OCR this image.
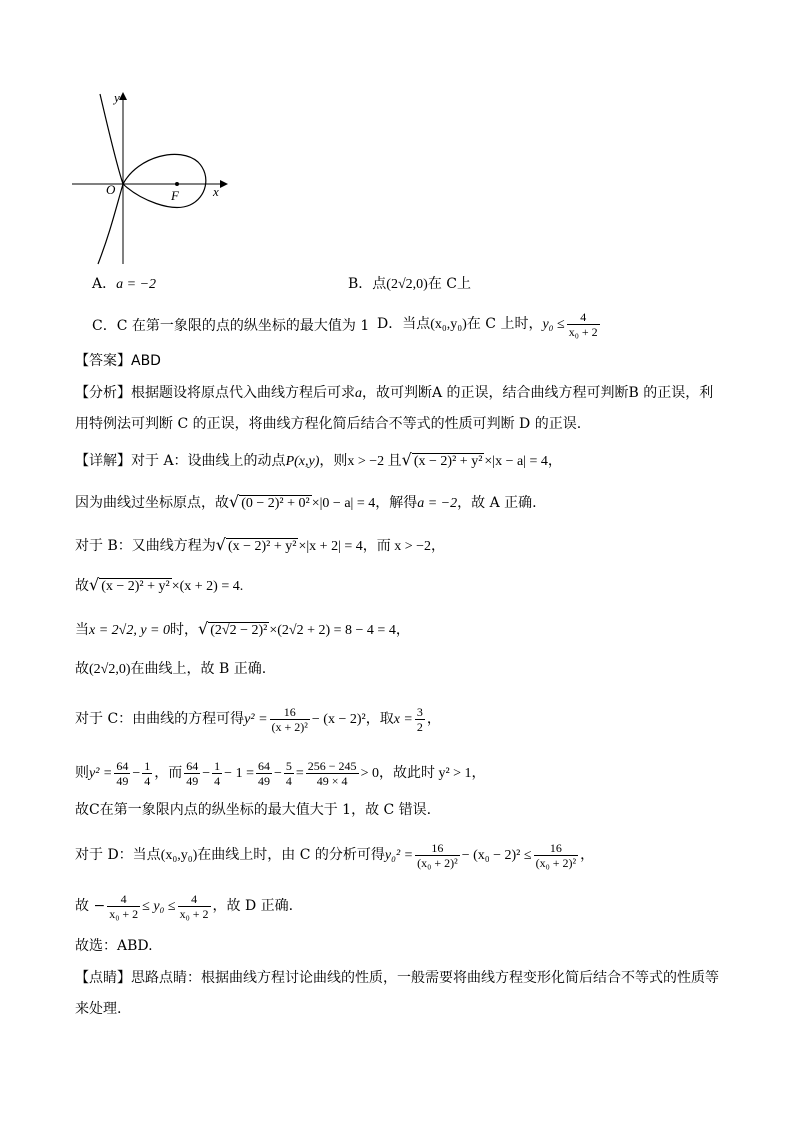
y
x
O	F
A．a = −2	B．点(2√2,0)在 C上
C．C 在第一象限的点的纵坐标的最大值为 1 D．当点(x₀,y₀)在 C 上时，$y_0 \le \frac{4}{\text{x₀ + 2}}$
【答案】ABD
【分析】根据题设将原点代入曲线方程后可求a，故可判断A 的正误，结合曲线方程可判断B 的正误，利
用特例法可判断 C 的正误，将曲线方程化简后结合不等式的性质可判断 D 的正误.
【详解】对于 A：设曲线上的动点P(x,y)，则x > −2 且√ (x − 2)² + y² ×|x − a| = 4，
因为曲线过坐标原点，故√ (0 − 2)² + 0² ×|0 − a| = 4，解得a = −2，故 A 正确.
对于 B：又曲线方程为√ (x − 2)² + y² ×|x + 2| = 4，而 x > −2，
故√ (x − 2)² + y² ×(x + 2) = 4.
当x = 2√2, y = 0时，√ (2√2 − 2)² ×(2√2 + 2) = 8 − 4 = 4，
故(2√2,0)在曲线上，故 B 正确.
对于 C：由曲线的方程可得$y^2 = \frac{16}{\text{(x + 2)²}} - (x - 2)^2$，取$x = \frac{3}{2}$ ，
则$y^2 = \frac{64}{49} - \frac{1}{4}$ ，而 $\frac{64}{49} - \frac{1}{4} - 1 = \frac{64}{49} - \frac{5}{4} = \frac{256 - 245}{49 \times 4} > 0$，故此时 y² > 1，
故C在第一象限内点的纵坐标的最大值大于 1，故 C 错误.
对于 D：当点(x₀,y₀)在曲线上时，由 C 的分析可得$y_0^2 = \frac{16}{\text{(x₀ + 2)²}} - (x_0 - 2)^2 \le \frac{16}{\text{(x₀ + 2)²}}$ ，
故 − $\frac{4}{\text{x₀ + 2}} \le y_0 \le \frac{4}{\text{x₀ + 2}}$ ，故 D 正确.
故选：ABD.
【点睛】思路点睛：根据曲线方程讨论曲线的性质，一般需要将曲线方程变形化简后结合不等式的性质等
来处理.
